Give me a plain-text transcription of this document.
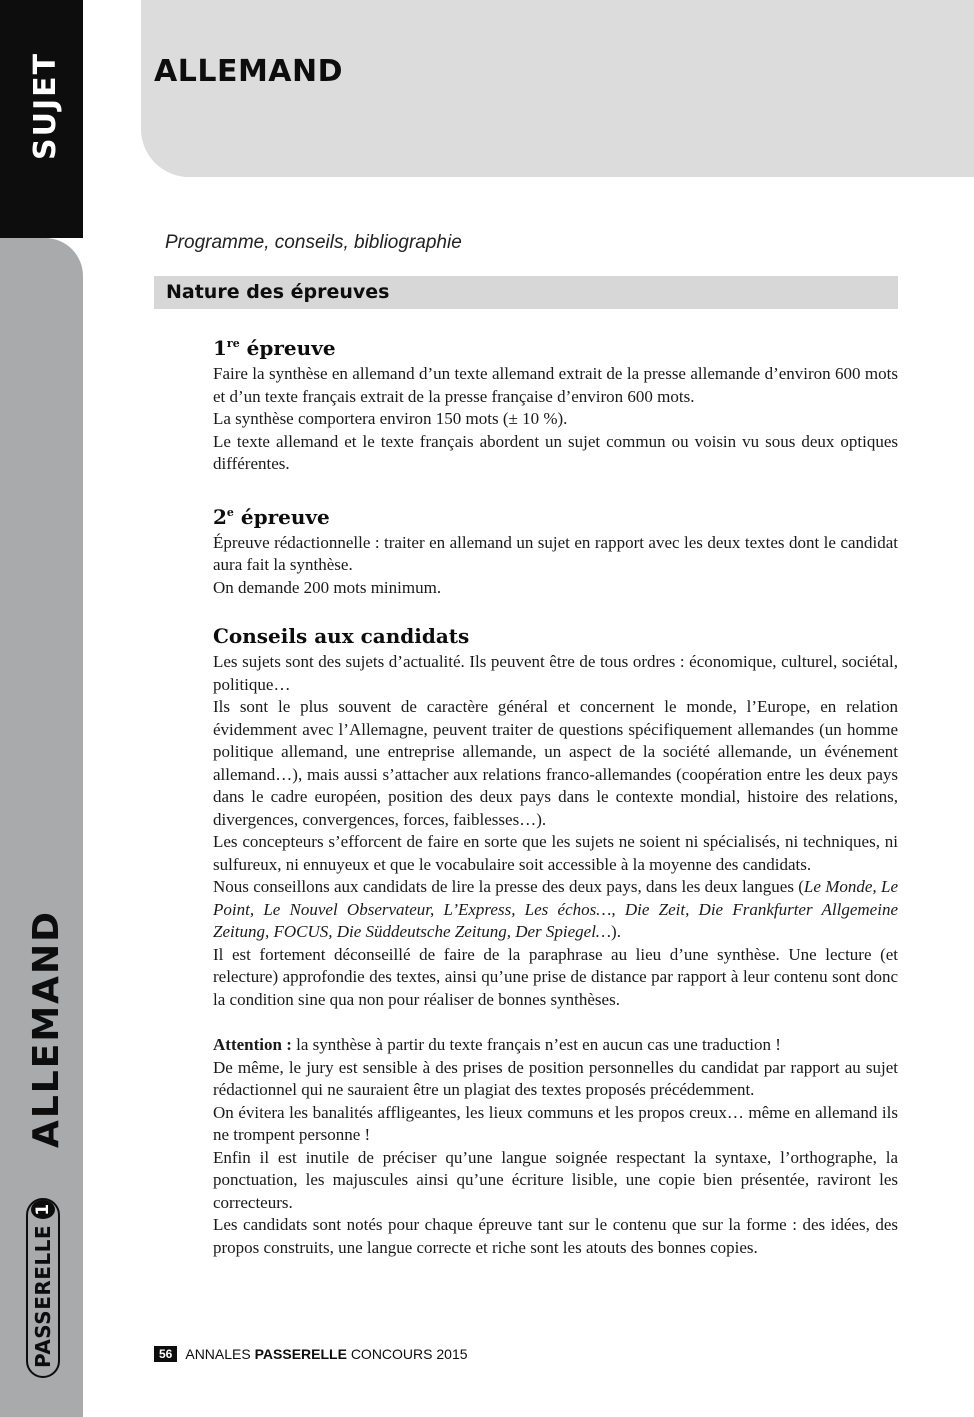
SUJET
ALLEMAND
PASSERELLE
1
ALLEMAND
Programme, conseils, bibliographie
Nature des épreuves
1re épreuve

Faire la synthèse en allemand d’un texte allemand extrait de la presse allemande d’environ 600 mots et d’un texte français extrait de la presse française d’environ 600 mots.

La synthèse comportera environ 150 mots (± 10 %).

Le texte allemand et le texte français abordent un sujet commun ou voisin vu sous deux optiques différentes.

2e épreuve

Épreuve rédactionnelle : traiter en allemand un sujet en rapport avec les deux textes dont le candidat aura fait la synthèse.

On demande 200 mots minimum.

Conseils aux candidats

Les sujets sont des sujets d’actualité. Ils peuvent être de tous ordres : économique, culturel, sociétal, politique…

Ils sont le plus souvent de caractère général et concernent le monde, l’Europe, en relation évidemment avec l’Allemagne, peuvent traiter de questions spécifiquement allemandes (un homme politique allemand, une entreprise allemande, un aspect de la société allemande, un événement allemand…), mais aussi s’attacher aux relations franco-allemandes (coopération entre les deux pays dans le cadre européen, position des deux pays dans le contexte mondial, histoire des relations, divergences, convergences, forces, faiblesses…).

Les concepteurs s’efforcent de faire en sorte que les sujets ne soient ni spécialisés, ni techniques, ni sulfureux, ni ennuyeux et que le vocabulaire soit accessible à la moyenne des candidats.

Nous conseillons aux candidats de lire la presse des deux pays, dans les deux langues (Le Monde, Le Point, Le Nouvel Observateur, L’Express, Les échos…, Die Zeit, Die Frankfurter Allgemeine Zeitung, FOCUS, Die Süddeutsche Zeitung, Der Spiegel…).

Il est fortement déconseillé de faire de la paraphrase au lieu d’une synthèse. Une lecture (et relecture) approfondie des textes, ainsi qu’une prise de distance par rapport à leur contenu sont donc la condition sine qua non pour réaliser de bonnes synthèses.

Attention : la synthèse à partir du texte français n’est en aucun cas une traduction !

De même, le jury est sensible à des prises de position personnelles du candidat par rapport au sujet rédactionnel qui ne sauraient être un plagiat des textes proposés précédemment.

On évitera les banalités affligeantes, les lieux communs et les propos creux… même en allemand ils ne trompent personne !

Enfin il est inutile de préciser qu’une langue soignée respectant la syntaxe, l’orthographe, la ponctuation, les majuscules ainsi qu’une écriture lisible, une copie bien présentée, raviront les correcteurs.

Les candidats sont notés pour chaque épreuve tant sur le contenu que sur la forme : des idées, des propos construits, une langue correcte et riche sont les atouts des bonnes copies.

56 ANNALES
PASSERELLE
CONCOURS 2015
